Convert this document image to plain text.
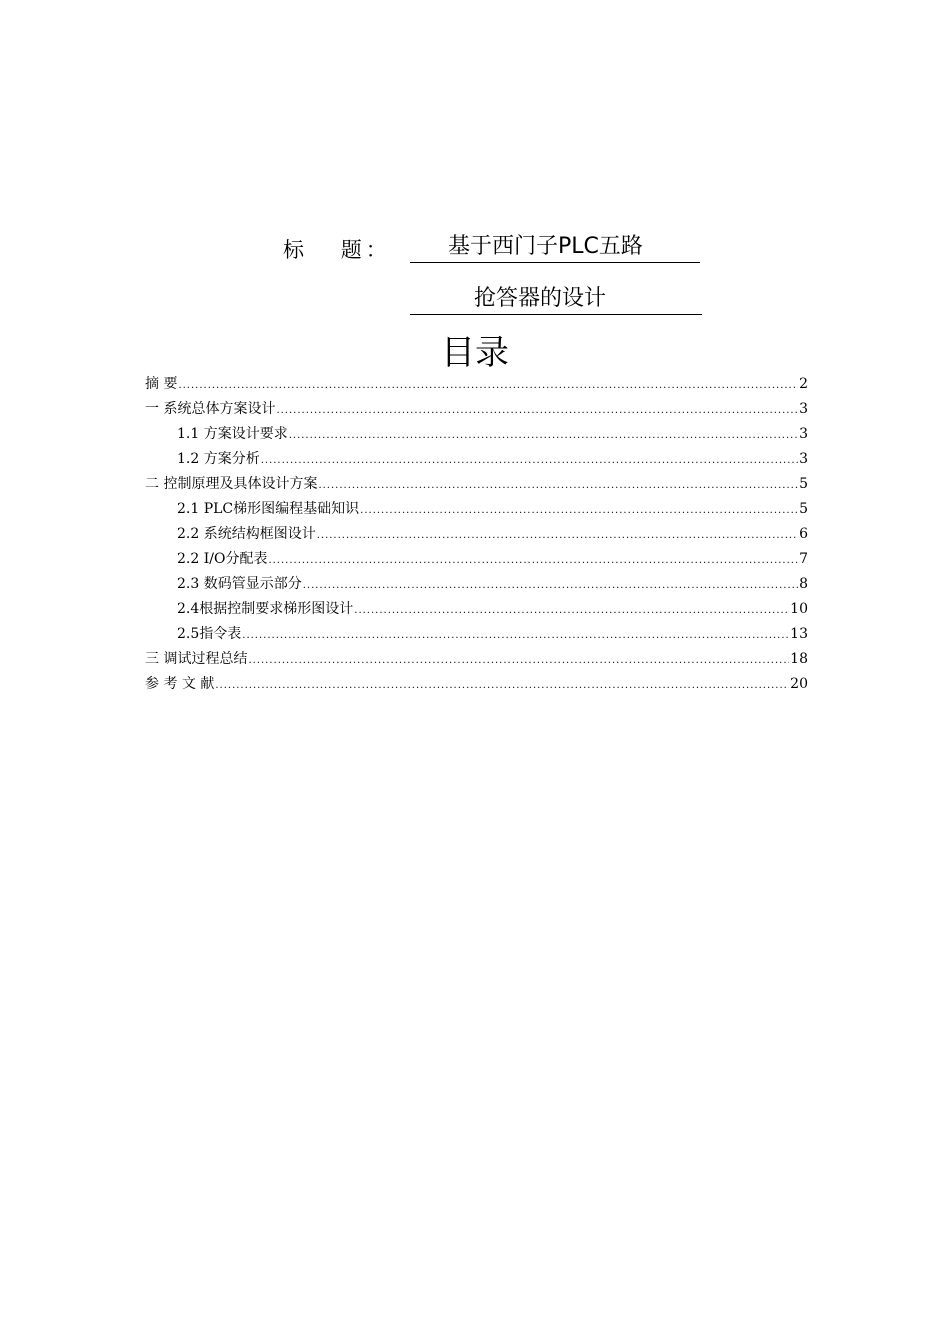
标    题 ：	基于西门子PLC五路
抢答器的设计
目录
摘 要 .....	2
一 系统总体方案设计 .....	3
1.1 方案设计要求 .....	3
1.2 方案分析 .....	3
二 控制原理及具体设计方案 .....	5
2.1 PLC梯形图编程基础知识 .....	5
2.2 系统结构框图设计 .....	6
2.2 I/O分配表 .....	7
2.3 数码管显示部分 .....	8
2.4根据控制要求梯形图设计 .....	10
2.5指令表 .....	13
三 调试过程总结 .....	18
参 考 文 献 .....	20
